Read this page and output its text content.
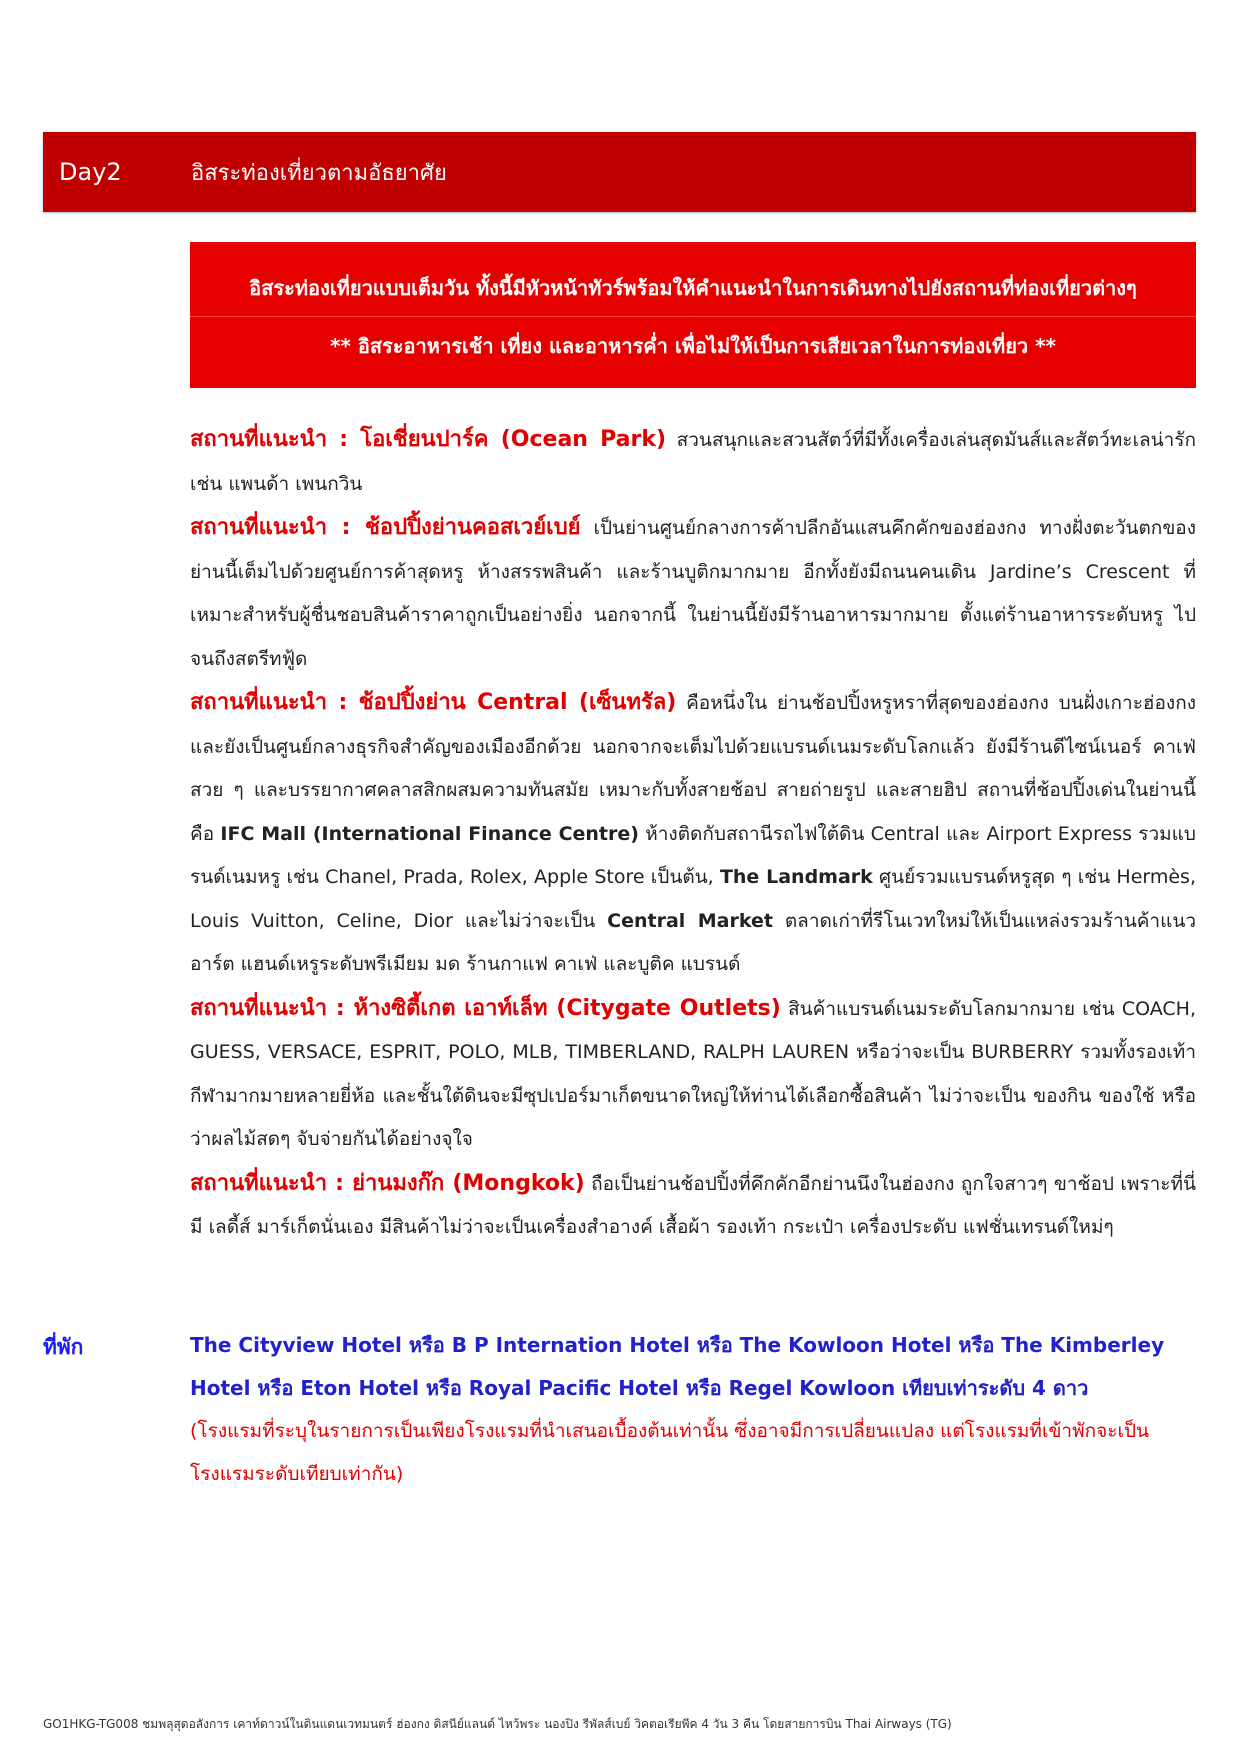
Day2	อิสระท่องเที่ยวตามอัธยาศัย
อิสระท่องเที่ยวแบบเต็มวัน ทั้งนี้มีหัวหน้าทัวร์พร้อมให้คำแนะนำในการเดินทางไปยังสถานที่ท่องเที่ยวต่างๆ
** อิสระอาหารเช้า เที่ยง และอาหารค่ำ เพื่อไม่ให้เป็นการเสียเวลาในการท่องเที่ยว **

สถานที่แนะนำ : โอเชี่ยนปาร์ค (Ocean Park) สวนสนุกและสวนสัตว์ที่มีทั้งเครื่องเล่นสุดมันส์และสัตว์ทะเลน่ารัก เช่น แพนด้า เพนกวิน

สถานที่แนะนำ : ช้อปปิ้งย่านคอสเวย์เบย์ เป็นย่านศูนย์กลางการค้าปลีกอันแสนคึกคักของฮ่องกง ทางฝั่งตะวันตกของย่านนี้เต็มไปด้วยศูนย์การค้าสุดหรู ห้างสรรพสินค้า และร้านบูติกมากมาย อีกทั้งยังมีถนนคนเดิน Jardine’s Crescent ที่เหมาะสำหรับผู้ชื่นชอบสินค้าราคาถูกเป็นอย่างยิ่ง นอกจากนี้ ในย่านนี้ยังมีร้านอาหารมากมาย ตั้งแต่ร้านอาหารระดับหรู ไปจนถึงสตรีทฟู้ด

สถานที่แนะนำ : ช้อปปิ้งย่าน Central (เซ็นทรัล) คือหนึ่งใน ย่านช้อปปิ้งหรูหราที่สุดของฮ่องกง บนฝั่งเกาะฮ่องกง และยังเป็นศูนย์กลางธุรกิจสำคัญของเมืองอีกด้วย นอกจากจะเต็มไปด้วยแบรนด์เนมระดับโลกแล้ว ยังมีร้านดีไซน์เนอร์ คาเฟ่สวย ๆ และบรรยากาศคลาสสิกผสมความทันสมัย เหมาะกับทั้งสายช้อป สายถ่ายรูป และสายฮิป สถานที่ช้อปปิ้งเด่นในย่านนี้ คือ IFC Mall (International Finance Centre) ห้างติดกับสถานีรถไฟใต้ดิน Central และ Airport Express รวมแบรนด์เนมหรู เช่น Chanel, Prada, Rolex, Apple Store เป็นต้น, The Landmark ศูนย์รวมแบรนด์หรูสุด ๆ เช่น Hermès, Louis Vuitton, Celine, Dior และไม่ว่าจะเป็น Central Market ตลาดเก่าที่รีโนเวทใหม่ให้เป็นแหล่งรวมร้านค้าแนวอาร์ต แฮนด์เหรูระดับพรีเมียม มด ร้านกาแฟ คาเฟ่ และบูติค แบรนด์

สถานที่แนะนำ : ห้างซิตี้เกต เอาท์เล็ท (Citygate Outlets) สินค้าแบรนด์เนมระดับโลกมากมาย เช่น COACH, GUESS, VERSACE, ESPRIT, POLO, MLB, TIMBERLAND, RALPH LAUREN หรือว่าจะเป็น BURBERRY รวมทั้งรองเท้ากีฬามากมายหลายยี่ห้อ และชั้นใต้ดินจะมีซุปเปอร์มาเก็ตขนาดใหญ่ให้ท่านได้เลือกซื้อสินค้า ไม่ว่าจะเป็น ของกิน ของใช้ หรือว่าผลไม้สดๆ จับจ่ายกันได้อย่างจุใจ

สถานที่แนะนำ : ย่านมงก๊ก (Mongkok) ถือเป็นย่านช้อปปิ้งที่คึกคักอีกย่านนึงในฮ่องกง ถูกใจสาวๆ ขาช้อป เพราะที่นี่มี เลดี้ส์ มาร์เก็ตนั่นเอง มีสินค้าไม่ว่าจะเป็นเครื่องสำอางค์ เสื้อผ้า รองเท้า กระเป๋า เครื่องประดับ แฟชั่นเทรนด์ใหม่ๆ

ที่พัก	The Cityview Hotel หรือ B P Internation Hotel หรือ The Kowloon Hotel หรือ The Kimberley Hotel หรือ Eton Hotel หรือ Royal Pacific Hotel หรือ Regel Kowloon เทียบเท่าระดับ 4 ดาว
(โรงแรมที่ระบุในรายการเป็นเพียงโรงแรมที่นำเสนอเบื้องต้นเท่านั้น ซึ่งอาจมีการเปลี่ยนแปลง แต่โรงแรมที่เข้าพักจะเป็นโรงแรมระดับเทียบเท่ากัน)
GO1HKG-TG008 ชมพลุสุดอลังการ เคาท์ดาวน์ในดินแดนเวทมนตร์ ฮ่องกง ดิสนีย์แลนด์ ไหว้พระ นองปิง รีพัลส์เบย์ วิคตอเรียพีค 4 วัน 3 คืน โดยสายการบิน Thai Airways (TG)
